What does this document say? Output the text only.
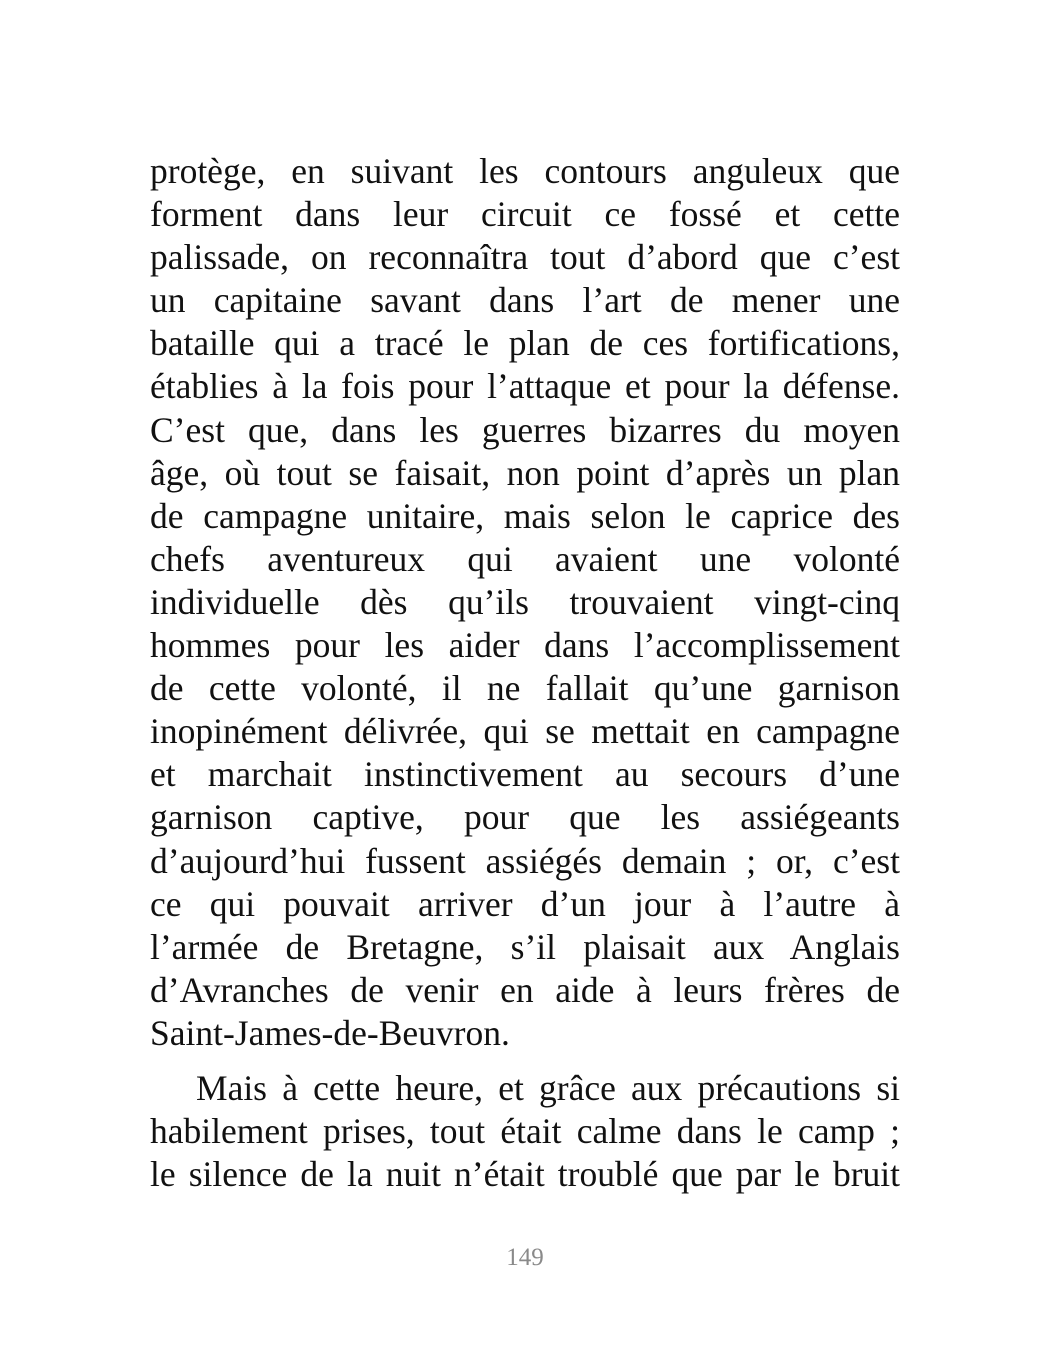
protège, en suivant les contours anguleux que
forment dans leur circuit ce fossé et cette
palissade, on reconnaîtra tout d’abord que c’est
un capitaine savant dans l’art de mener une
bataille qui a tracé le plan de ces fortifications,
établies à la fois pour l’attaque et pour la défense.
C’est que, dans les guerres bizarres du moyen
âge, où tout se faisait, non point d’après un plan
de campagne unitaire, mais selon le caprice des
chefs aventureux qui avaient une volonté
individuelle dès qu’ils trouvaient vingt-cinq
hommes pour les aider dans l’accomplissement
de cette volonté, il ne fallait qu’une garnison
inopinément délivrée, qui se mettait en campagne
et marchait instinctivement au secours d’une
garnison captive, pour que les assiégeants
d’aujourd’hui fussent assiégés demain ; or, c’est
ce qui pouvait arriver d’un jour à l’autre à
l’armée de Bretagne, s’il plaisait aux Anglais
d’Avranches de venir en aide à leurs frères de
Saint-James-de-Beuvron.
Mais à cette heure, et grâce aux précautions si
habilement prises, tout était calme dans le camp ;
le silence de la nuit n’était troublé que par le bruit
149
